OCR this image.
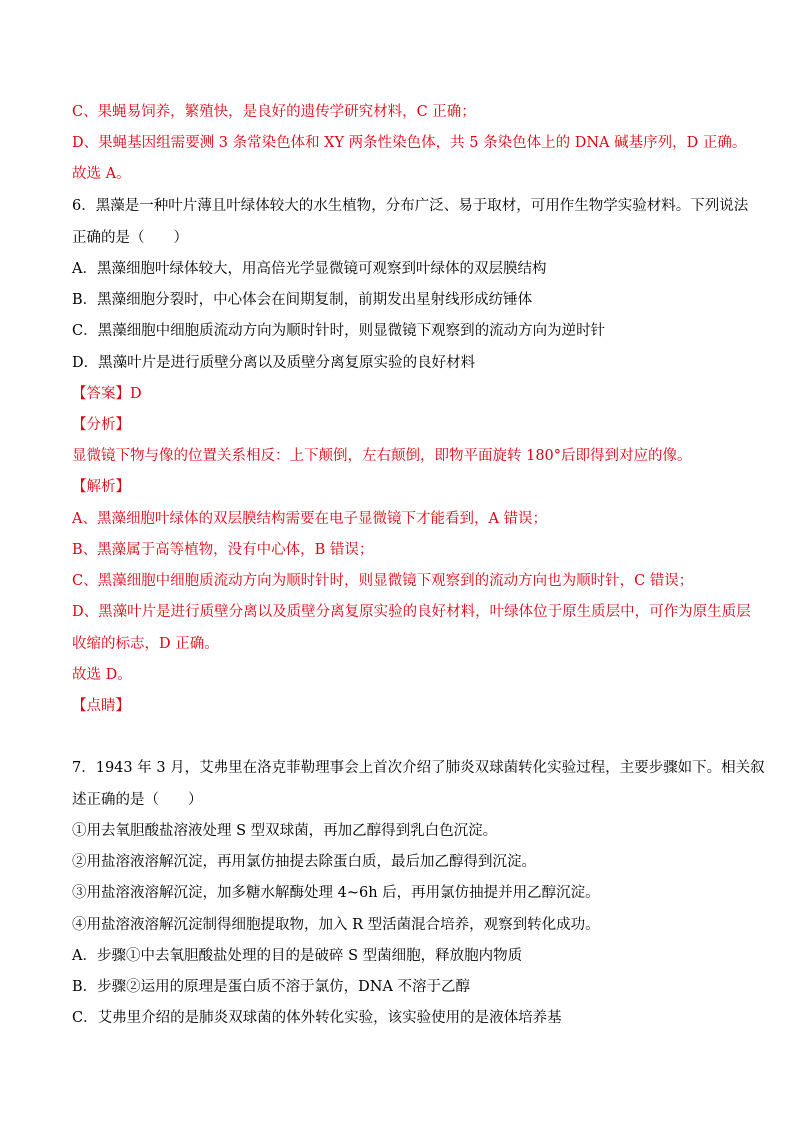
C、果蝇易饲养，繁殖快，是良好的遗传学研究材料，C 正确；
D、果蝇基因组需要测 3 条常染色体和 XY 两条性染色体，共 5 条染色体上的 DNA 碱基序列，D 正确。
故选 A。
6．黑藻是一种叶片薄且叶绿体较大的水生植物，分布广泛、易于取材，可用作生物学实验材料。下列说法
正确的是（　　）
A．黑藻细胞叶绿体较大，用高倍光学显微镜可观察到叶绿体的双层膜结构
B．黑藻细胞分裂时，中心体会在间期复制，前期发出星射线形成纺锤体
C．黑藻细胞中细胞质流动方向为顺时针时，则显微镜下观察到的流动方向为逆时针
D．黑藻叶片是进行质壁分离以及质壁分离复原实验的良好材料
【答案】D
【分析】
显微镜下物与像的位置关系相反：上下颠倒，左右颠倒，即物平面旋转 180°后即得到对应的像。
【解析】
A、黑藻细胞叶绿体的双层膜结构需要在电子显微镜下才能看到，A 错误；
B、黑藻属于高等植物，没有中心体，B 错误；
C、黑藻细胞中细胞质流动方向为顺时针时，则显微镜下观察到的流动方向也为顺时针，C 错误；
D、黑藻叶片是进行质壁分离以及质壁分离复原实验的良好材料，叶绿体位于原生质层中，可作为原生质层
收缩的标志，D 正确。
故选 D。
【点睛】
7．1943 年 3 月，艾弗里在洛克菲勒理事会上首次介绍了肺炎双球菌转化实验过程，主要步骤如下。相关叙
述正确的是（　　）
①用去氧胆酸盐溶液处理 S 型双球菌，再加乙醇得到乳白色沉淀。
②用盐溶液溶解沉淀，再用氯仿抽提去除蛋白质，最后加乙醇得到沉淀。
③用盐溶液溶解沉淀，加多糖水解酶处理 4~6h 后，再用氯仿抽提并用乙醇沉淀。
④用盐溶液溶解沉淀制得细胞提取物，加入 R 型活菌混合培养，观察到转化成功。
A．步骤①中去氧胆酸盐处理的目的是破碎 S 型菌细胞，释放胞内物质
B．步骤②运用的原理是蛋白质不溶于氯仿，DNA 不溶于乙醇
C．艾弗里介绍的是肺炎双球菌的体外转化实验，该实验使用的是液体培养基
